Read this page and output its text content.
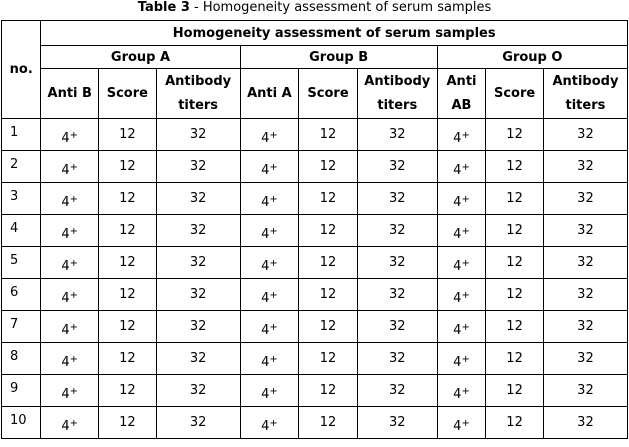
Table 3 - Homogeneity assessment of serum samples
no.	Homogeneity assessment of serum samples								
	Group A			Group B			Group O		
	Anti B	Score	Antibody titers	Anti A	Score	Antibody titers	Anti AB	Score	Antibody titers
1	4+	12	32	4+	12	32	4+	12	32
2	4+	12	32	4+	12	32	4+	12	32
3	4+	12	32	4+	12	32	4+	12	32
4	4+	12	32	4+	12	32	4+	12	32
5	4+	12	32	4+	12	32	4+	12	32
6	4+	12	32	4+	12	32	4+	12	32
7	4+	12	32	4+	12	32	4+	12	32
8	4+	12	32	4+	12	32	4+	12	32
9	4+	12	32	4+	12	32	4+	12	32
10	4+	12	32	4+	12	32	4+	12	32
